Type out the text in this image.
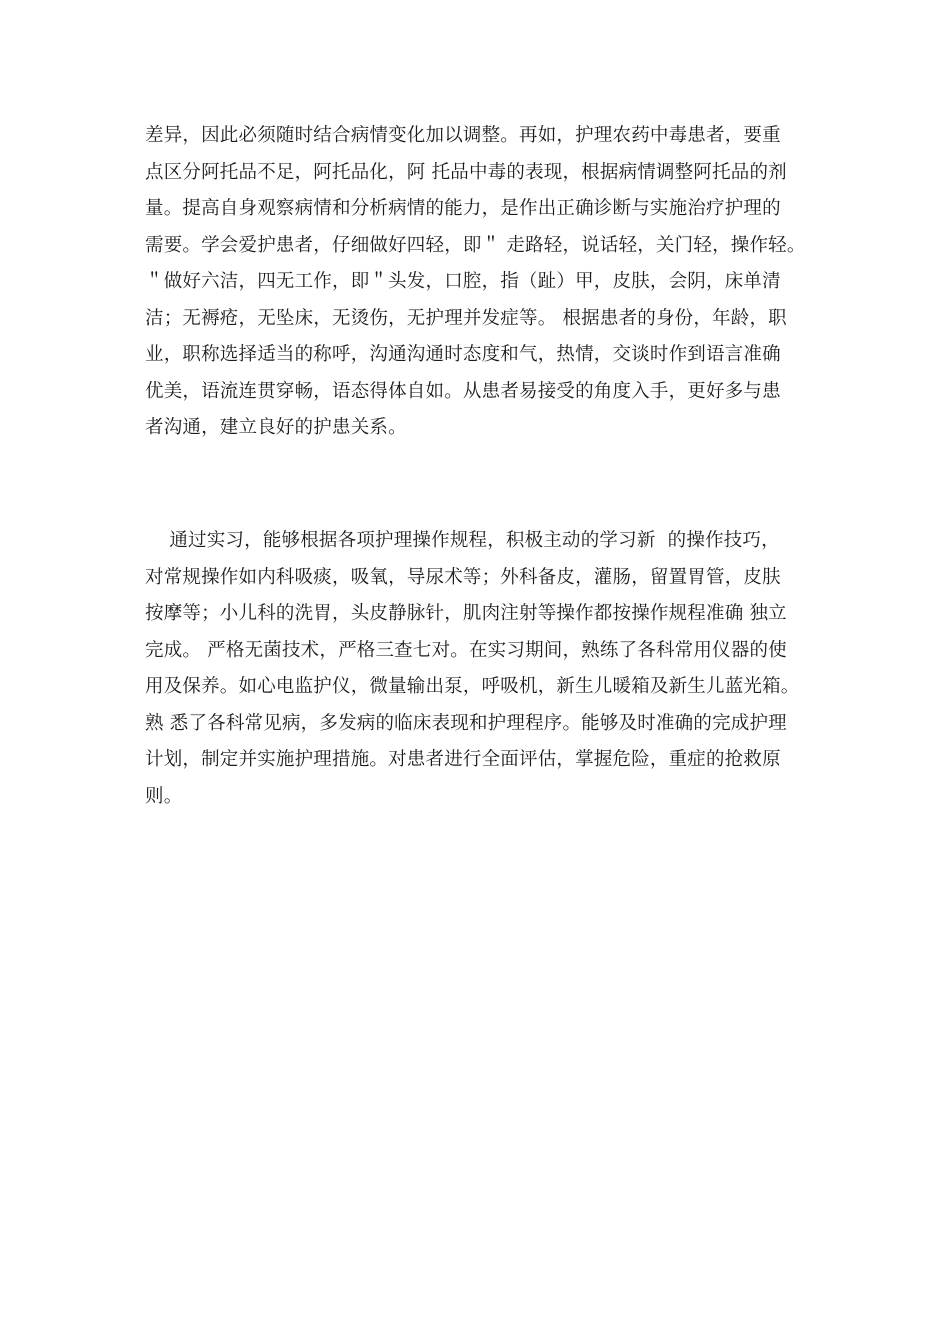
差异，因此必须随时结合病情变化加以调整。再如，护理农药中毒患者，要重
点区分阿托品不足，阿托品化，阿 托品中毒的表现，根据病情调整阿托品的剂
量。提高自身观察病情和分析病情的能力，是作出正确诊断与实施治疗护理的
需要。学会爱护患者，仔细做好四轻，即＂ 走路轻，说话轻，关门轻，操作轻。
＂做好六洁，四无工作，即＂头发，口腔，指（趾）甲，皮肤，会阴，床单清
洁；无褥疮，无坠床，无烫伤，无护理并发症等。 根据患者的身份，年龄，职
业，职称选择适当的称呼，沟通沟通时态度和气，热情，交谈时作到语言准确
优美，语流连贯穿畅，语态得体自如。从患者易接受的角度入手，更好多与患
者沟通，建立良好的护患关系。
通过实习，能够根据各项护理操作规程，积极主动的学习新  的操作技巧，
对常规操作如内科吸痰，吸氧，导尿术等；外科备皮，灌肠，留置胃管，皮肤
按摩等；小儿科的洗胃，头皮静脉针，肌肉注射等操作都按操作规程准确 独立
完成。 严格无菌技术，严格三查七对。在实习期间，熟练了各科常用仪器的使
用及保养。如心电监护仪，微量输出泵，呼吸机，新生儿暖箱及新生儿蓝光箱。
熟 悉了各科常见病，多发病的临床表现和护理程序。能够及时准确的完成护理
计划，制定并实施护理措施。对患者进行全面评估，掌握危险，重症的抢救原
则。
